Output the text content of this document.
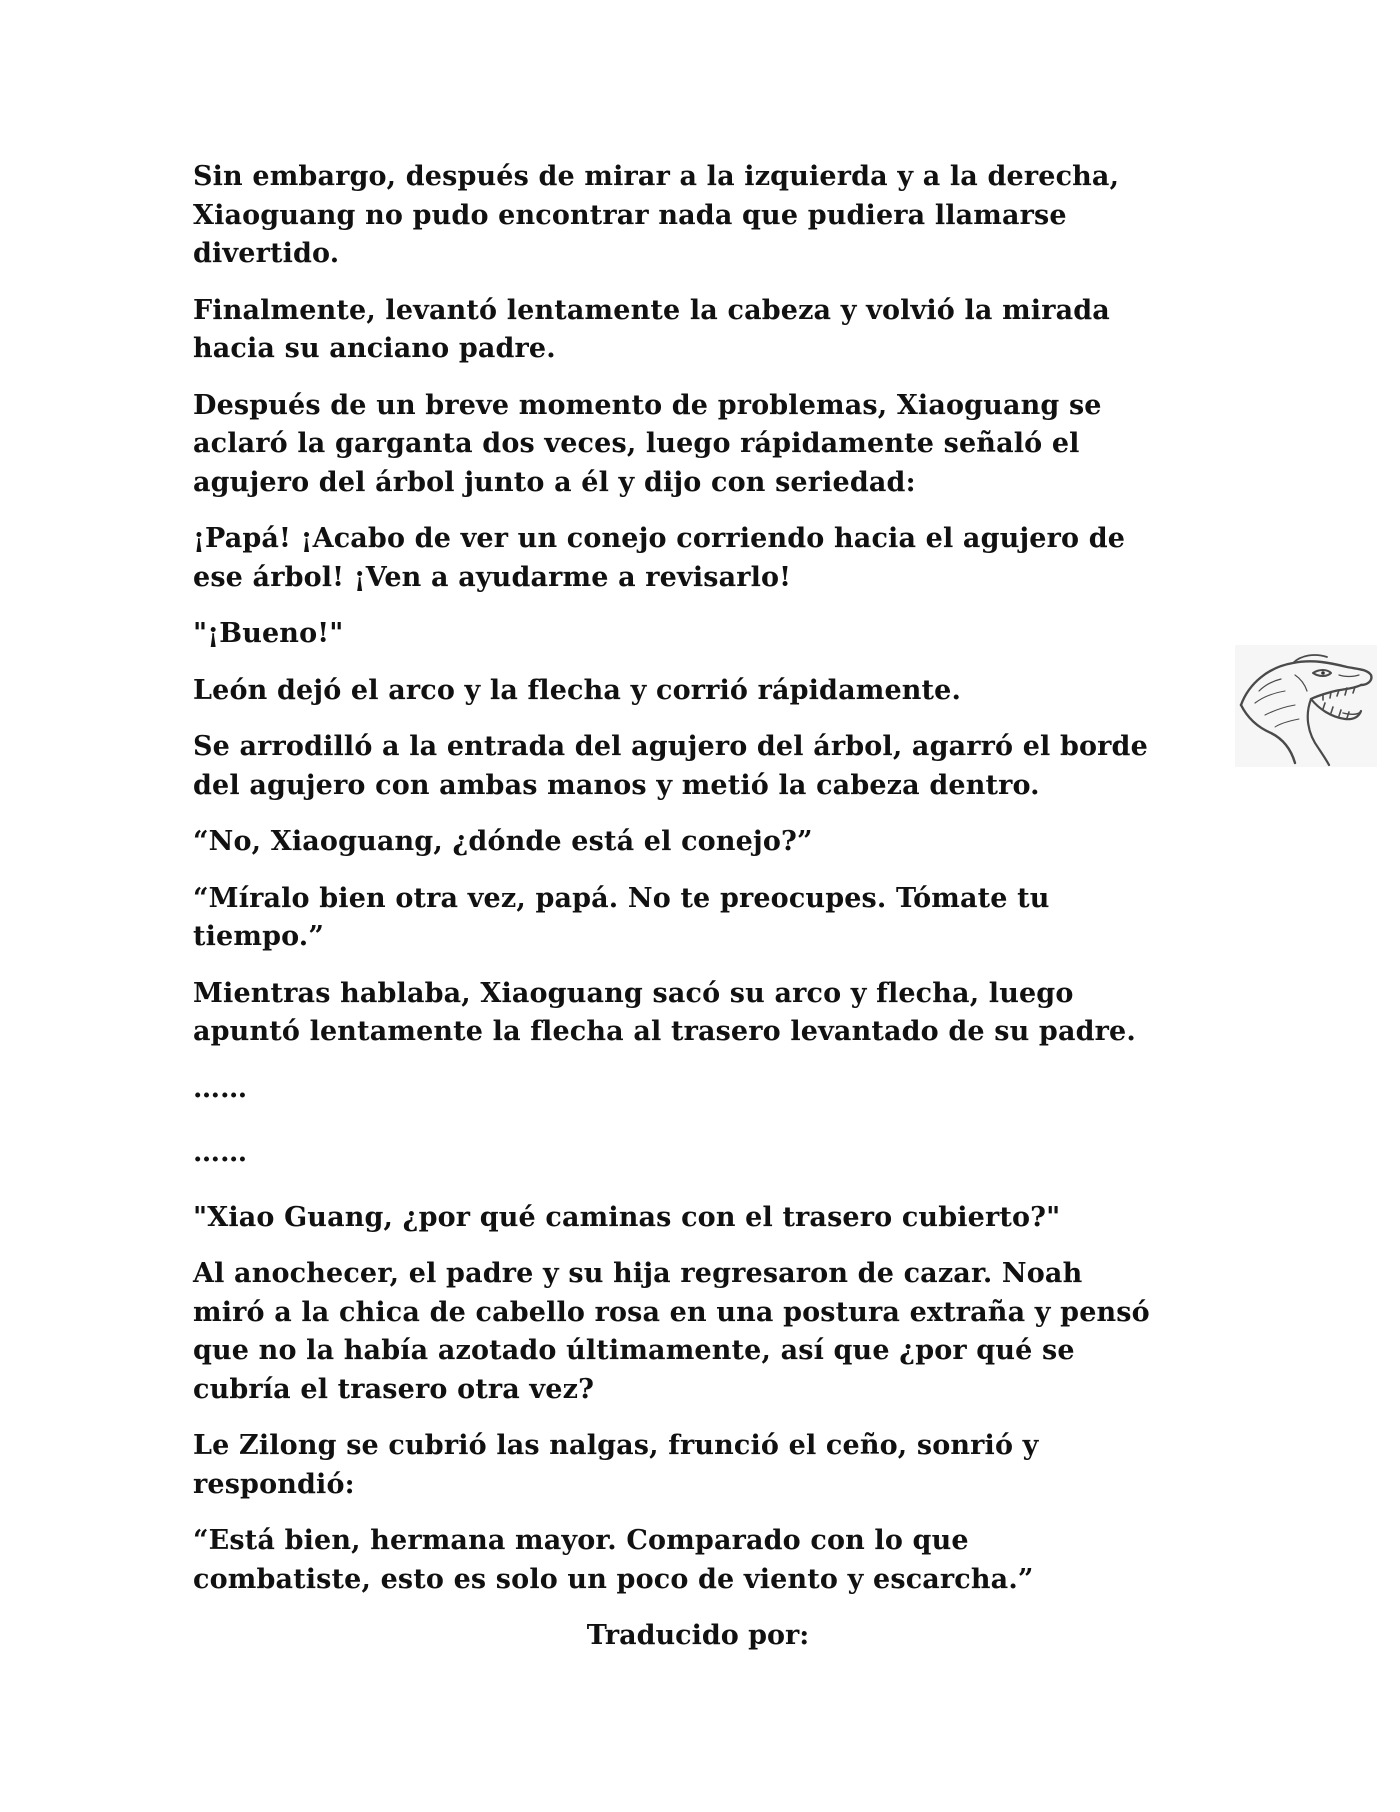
Sin embargo, después de mirar a la izquierda y a la derecha,
Xiaoguang no pudo encontrar nada que pudiera llamarse
divertido.

Finalmente, levantó lentamente la cabeza y volvió la mirada
hacia su anciano padre.

Después de un breve momento de problemas, Xiaoguang se
aclaró la garganta dos veces, luego rápidamente señaló el
agujero del árbol junto a él y dijo con seriedad:

¡Papá! ¡Acabo de ver un conejo corriendo hacia el agujero de
ese árbol! ¡Ven a ayudarme a revisarlo!

"¡Bueno!"

León dejó el arco y la flecha y corrió rápidamente.

Se arrodilló a la entrada del agujero del árbol, agarró el borde
del agujero con ambas manos y metió la cabeza dentro.

“No, Xiaoguang, ¿dónde está el conejo?”

“Míralo bien otra vez, papá. No te preocupes. Tómate tu
tiempo.”

Mientras hablaba, Xiaoguang sacó su arco y flecha, luego
apuntó lentamente la flecha al trasero levantado de su padre.

……

……

"Xiao Guang, ¿por qué caminas con el trasero cubierto?"

Al anochecer, el padre y su hija regresaron de cazar. Noah
miró a la chica de cabello rosa en una postura extraña y pensó
que no la había azotado últimamente, así que ¿por qué se
cubría el trasero otra vez?

Le Zilong se cubrió las nalgas, frunció el ceño, sonrió y
respondió:

“Está bien, hermana mayor. Comparado con lo que
combatiste, esto es solo un poco de viento y escarcha.”

Traducido por:
